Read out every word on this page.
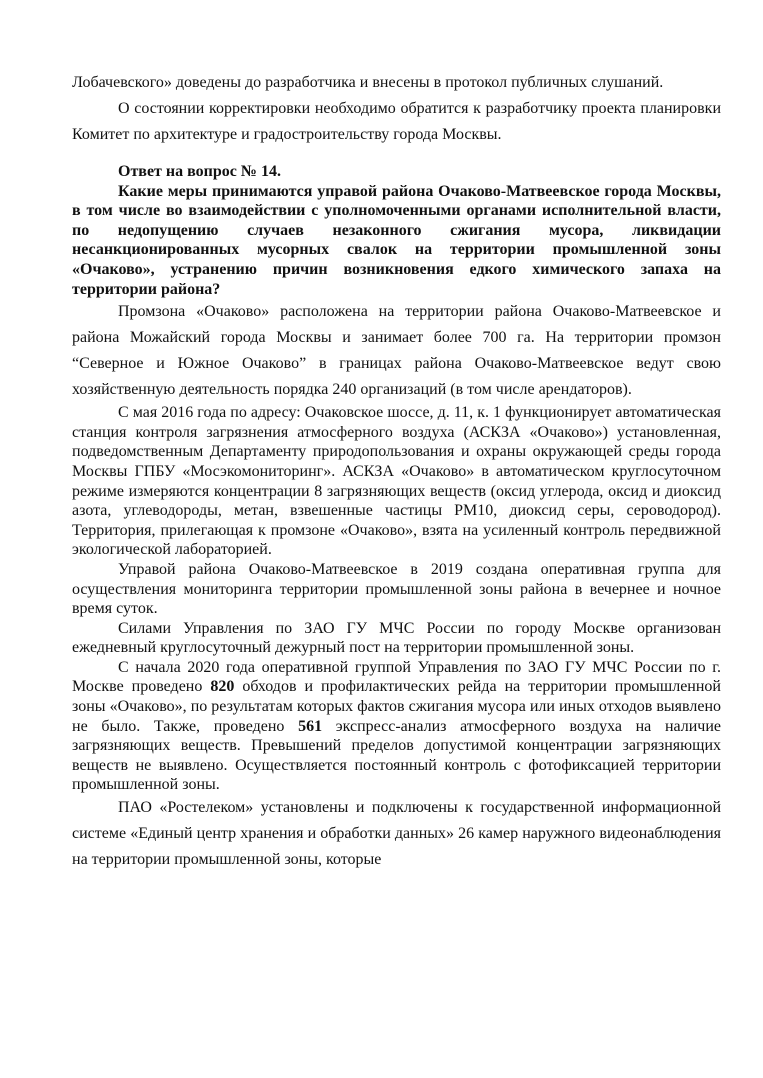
Лобачевского» доведены до разработчика и внесены в протокол публичных слушаний.

О состоянии корректировки необходимо обратится к разработчику проекта планировки Комитет по архитектуре и градостроительству города Москвы.

Ответ на вопрос № 14.

Какие меры принимаются управой района Очаково-Матвеевское города Москвы, в том числе во взаимодействии с уполномоченными органами исполнительной власти, по недопущению случаев незаконного сжигания мусора, ликвидации несанкционированных мусорных свалок на территории промышленной зоны «Очаково», устранению причин возникновения едкого химического запаха на территории района?

Промзона «Очаково» расположена на территории района Очаково-Матвеевское и района Можайский города Москвы и занимает более 700 га. На территории промзон “Северное и Южное Очаково” в границах района Очаково-Матвеевское ведут свою хозяйственную деятельность порядка 240 организаций (в том числе арендаторов).

С мая 2016 года по адресу: Очаковское шоссе, д. 11, к. 1 функционирует автоматическая станция контроля загрязнения атмосферного воздуха (АСКЗА «Очаково») установленная, подведомственным Департаменту природопользования и охраны окружающей среды города Москвы ГПБУ «Мосэкомониторинг». АСКЗА «Очаково» в автоматическом круглосуточном режиме измеряются концентрации 8 загрязняющих веществ (оксид углерода, оксид и диоксид азота, углеводороды, метан, взвешенные частицы РМ10, диоксид серы, сероводород). Территория, прилегающая к промзоне «Очаково», взята на усиленный контроль передвижной экологической лабораторией.

Управой района Очаково-Матвеевское в 2019 создана оперативная группа для осуществления мониторинга территории промышленной зоны района в вечернее и ночное время суток.

Силами Управления по ЗАО ГУ МЧС России по городу Москве организован ежедневный круглосуточный дежурный пост на территории промышленной зоны.

С начала 2020 года оперативной группой Управления по ЗАО ГУ МЧС России по г. Москве проведено 820 обходов и профилактических рейда на территории промышленной зоны «Очаково», по результатам которых фактов сжигания мусора или иных отходов выявлено не было. Также, проведено 561 экспресс-анализ атмосферного воздуха на наличие загрязняющих веществ. Превышений пределов допустимой концентрации загрязняющих веществ не выявлено. Осуществляется постоянный контроль с фотофиксацией территории промышленной зоны.

ПАО «Ростелеком» установлены и подключены к государственной информационной системе «Единый центр хранения и обработки данных» 26 камер наружного видеонаблюдения на территории промышленной зоны, которые
